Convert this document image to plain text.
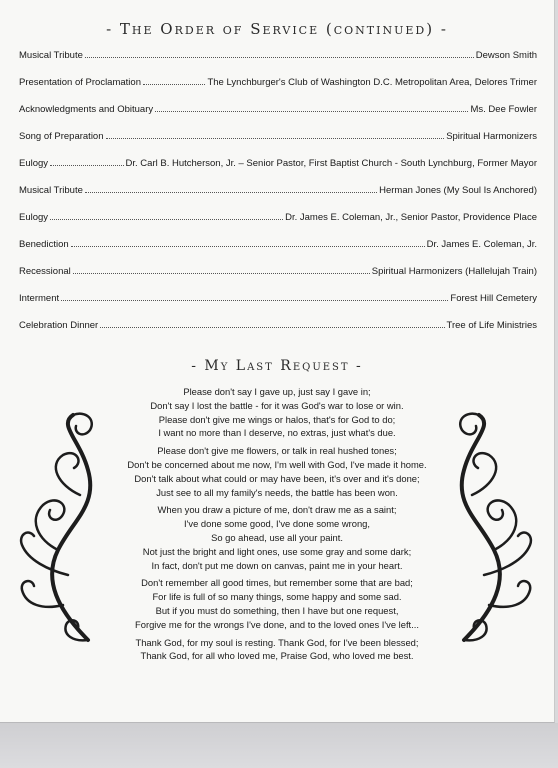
- The Order of Service (continued) -
Musical Tribute	Dewson Smith
Presentation of Proclamation	The Lynchburger's Club of Washington D.C. Metropolitan Area, Delores Trimer
Acknowledgments and Obituary	Ms. Dee Fowler
Song of Preparation	Spiritual Harmonizers
Eulogy	Dr. Carl B. Hutcherson, Jr. – Senior Pastor, First Baptist Church - South Lynchburg, Former Mayor
Musical Tribute	Herman Jones (My Soul Is Anchored)
Eulogy	Dr. James E. Coleman, Jr., Senior Pastor, Providence Place
Benediction	Dr. James E. Coleman, Jr.
Recessional	Spiritual Harmonizers (Hallelujah Train)
Interment	Forest Hill Cemetery
Celebration Dinner	Tree of Life Ministries
- My Last Request -
Please don't say I gave up, just say I gave in;
Don't say I lost the battle - for it was God's war to lose or win.
Please don't give me wings or halos, that's for God to do;
I want no more than I deserve, no extras, just what's due.
Please don't give me flowers, or talk in real hushed tones;
Don't be concerned about me now, I'm well with God, I've made it home.
Don't talk about what could or may have been, it's over and it's done;
Just see to all my family's needs, the battle has been won.
When you draw a picture of me, don't draw me as a saint;
I've done some good, I've done some wrong,
So go ahead, use all your paint.
Not just the bright and light ones, use some gray and some dark;
In fact, don't put me down on canvas, paint me in your heart.
Don't remember all good times, but remember some that are bad;
For life is full of so many things, some happy and some sad.
But if you must do something, then I have but one request,
Forgive me for the wrongs I've done, and to the loved ones I've left...
Thank God, for my soul is resting. Thank God, for I've been blessed;
Thank God, for all who loved me, Praise God, who loved me best.
